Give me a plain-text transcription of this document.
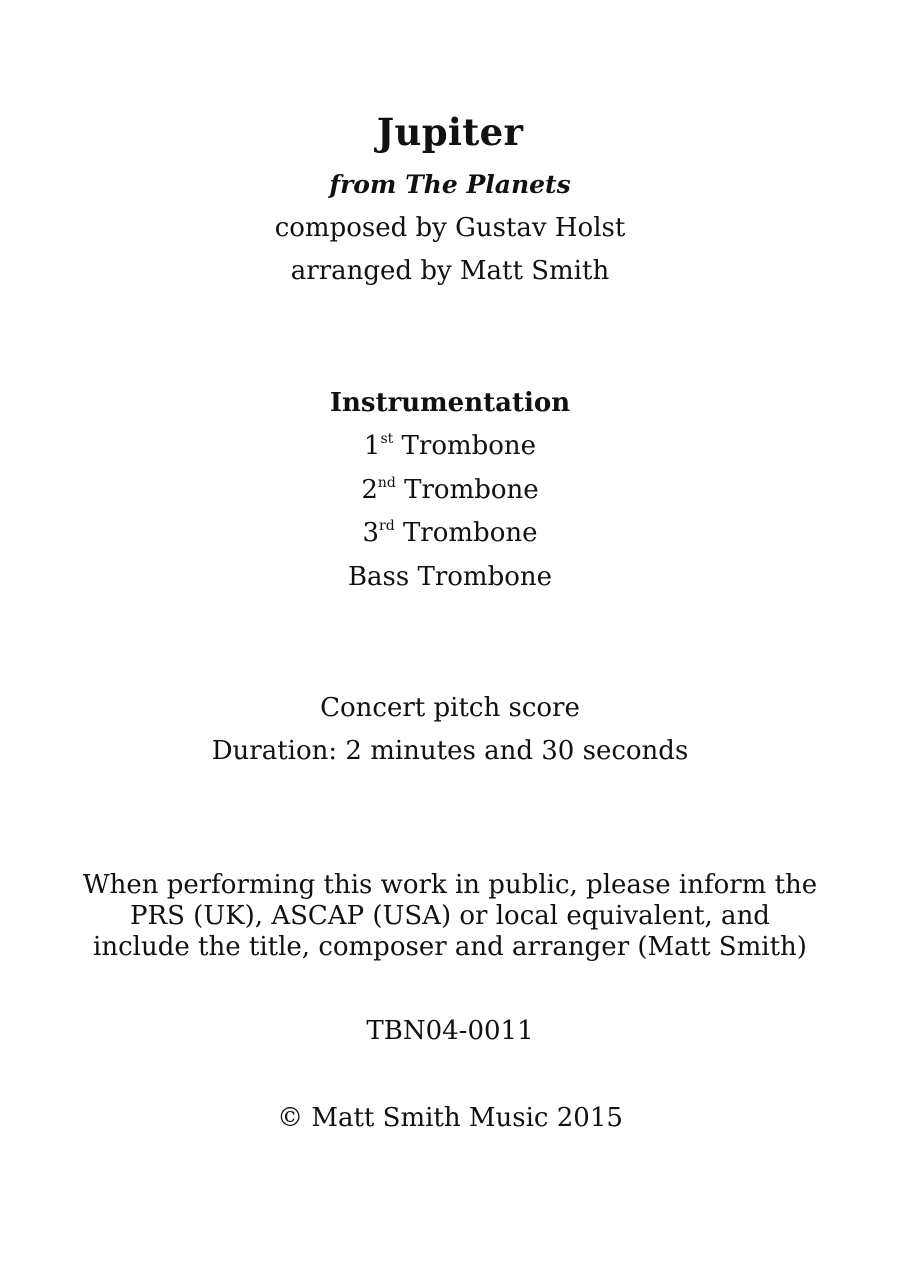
Jupiter
from The Planets
composed by Gustav Holst
arranged by Matt Smith
Instrumentation
1st Trombone
2nd Trombone
3rd Trombone
Bass Trombone
Concert pitch score
Duration: 2 minutes and 30 seconds
When performing this work in public, please inform the
PRS (UK), ASCAP (USA) or local equivalent, and
include the title, composer and arranger (Matt Smith)
TBN04-0011
© Matt Smith Music 2015
